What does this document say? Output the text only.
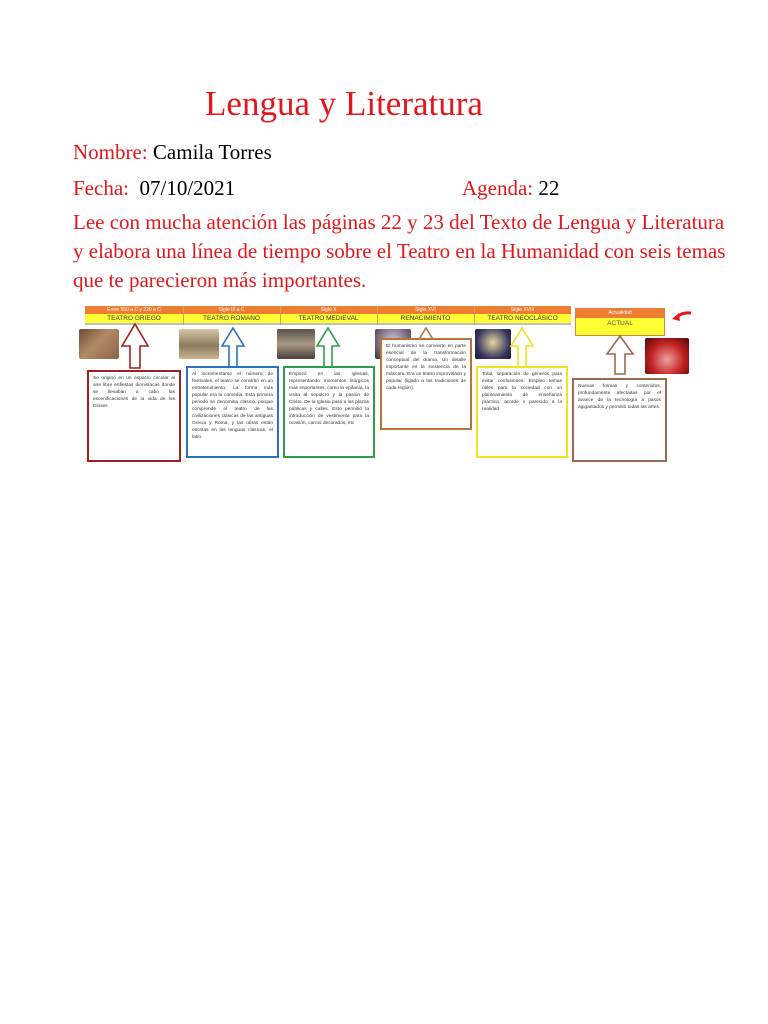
Lengua y Literatura
Nombre: Camila Torres
Fecha: 07/10/2021	Agenda: 22
Lee con mucha atención las páginas 22 y 23 del Texto de Lengua y Literatura y elabora una línea de tiempo sobre el Teatro en la Humanidad con seis temas que te parecieron más importantes.
Entre 550 a C y 220 a C
TEATRO GRIEGO
Siglo III a C
TEATRO ROMANO
Siglo X
TEATRO MEDIEVAL
Siglo XVI
RENACIMIENTO
Siglo XVIII
TEATRO NEOCLÁSICO
Actualidad
ACTUAL
Se originó en un espacio circular al aire libre enfiestas dionisíacas donde se llevaban a cabo las escenificaciones de la vida de los Dioses
Al incrementarse el número de festivales, el teatro se convirtió en un entretenimiento. La forma más popular era la comedia. Esta primera periodo se denomina clásico, porque comprende el teatro de las civilizaciones clásicas de las antiguas Grecia y Roma, y las obras están escritas en las lenguas clásicas, el latín.
Empezó en las iglesias, representando momentos litúrgicos más importantes, como la epifanía, la visita al sepulcro y la pasión de Cristo. De la Iglesia pasó a las plazas públicas y calles. Esto permitió la introducción de vestimenta para la ocasión, carros decorados, etc
El humanismo se convierte en parte esencial de la transformación conceptual del drama. Un detalle importante es la existencia de la máscara. Era un teatro improvisado y popular (ligado a las tradiciones de cada región).
Total, separación de géneros para evitar confusiones. Empleo temas útiles para la sociedad con un planteamiento de enseñanza práctica, acorde o parecido a la realidad
Nuevas formas y contenidos, profundamente afectadas por el avance de la tecnología a pasos agigantados y permitió todas las artes.
